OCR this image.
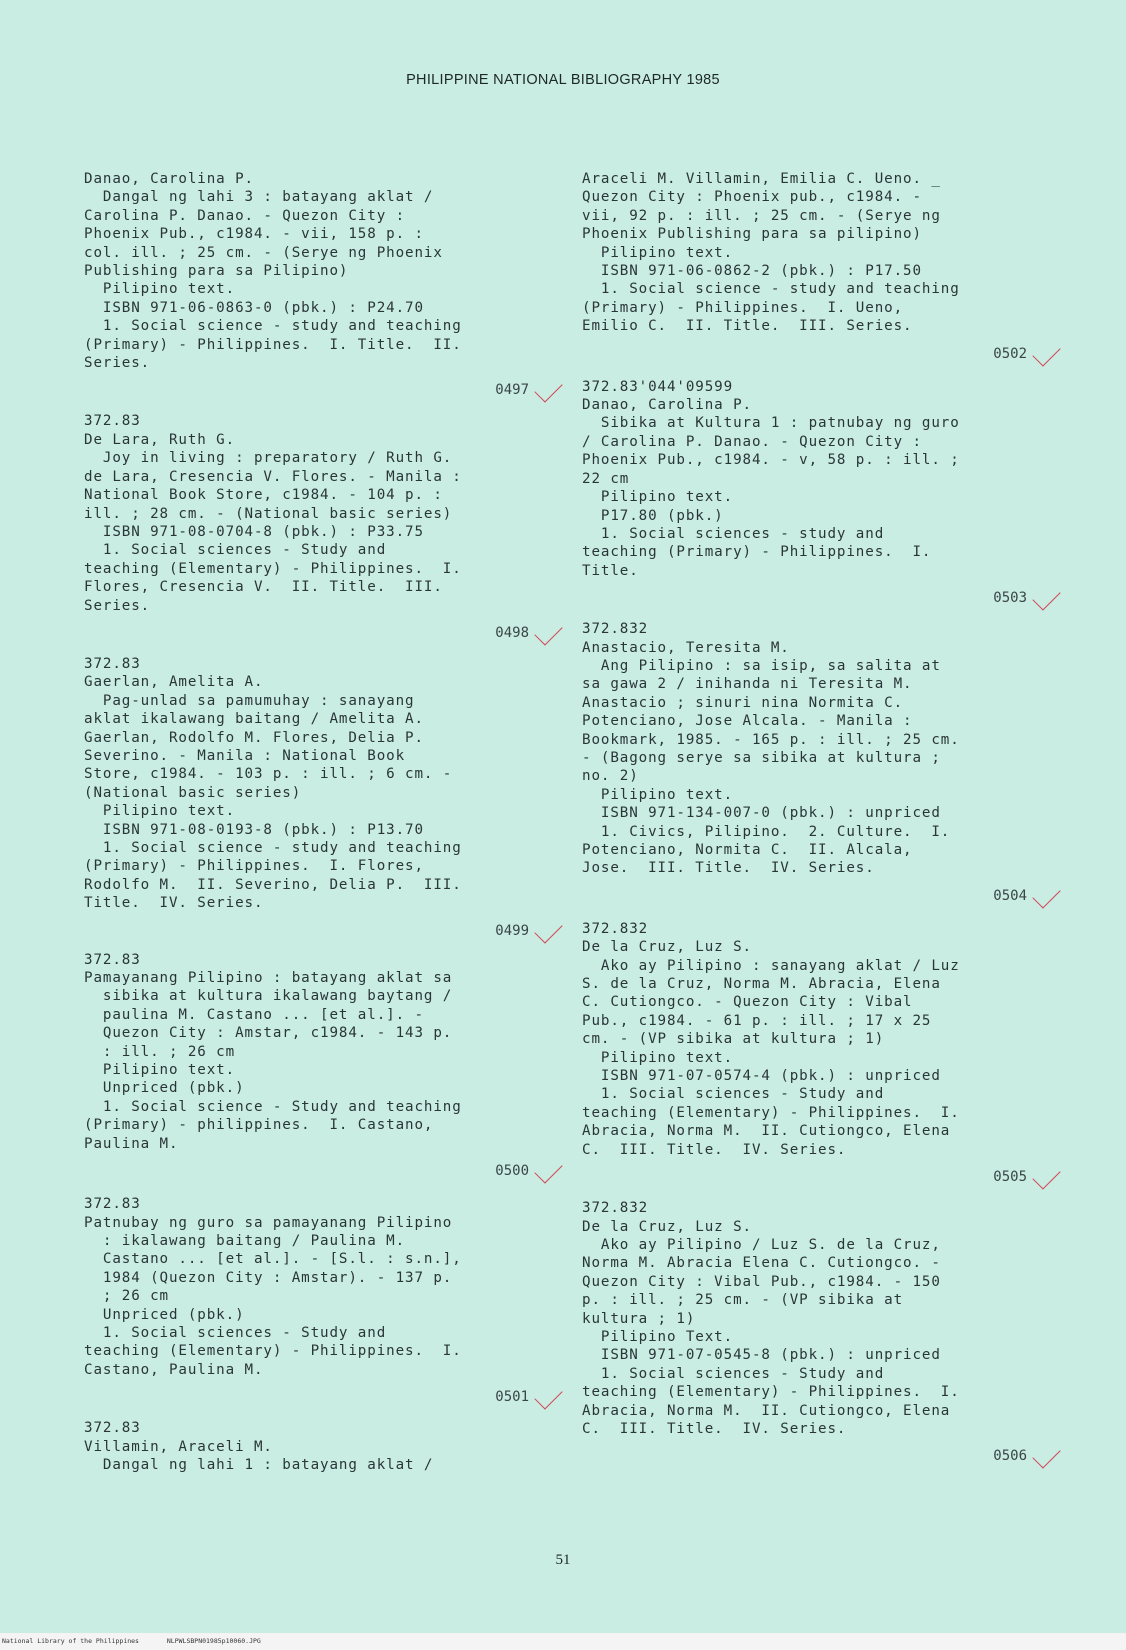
PHILIPPINE NATIONAL BIBLIOGRAPHY 1985
Danao, Carolina P.
Dangal ng lahi 3 : batayang aklat /
Carolina P. Danao. - Quezon City :
Phoenix Pub., c1984. - vii, 158 p. :
col. ill. ; 25 cm. - (Serye ng Phoenix
Publishing para sa Pilipino)
Pilipino text.
ISBN 971-06-0863-0 (pbk.) : P24.70
1. Social science - study and teaching
(Primary) - Philippines.  I. Title.  II.
Series.
0497
372.83
De Lara, Ruth G.
Joy in living : preparatory / Ruth G.
de Lara, Cresencia V. Flores. - Manila :
National Book Store, c1984. - 104 p. :
ill. ; 28 cm. - (National basic series)
ISBN 971-08-0704-8 (pbk.) : P33.75
1. Social sciences - Study and
teaching (Elementary) - Philippines.  I.
Flores, Cresencia V.  II. Title.  III.
Series.
0498
372.83
Gaerlan, Amelita A.
Pag-unlad sa pamumuhay : sanayang
aklat ikalawang baitang / Amelita A.
Gaerlan, Rodolfo M. Flores, Delia P.
Severino. - Manila : National Book
Store, c1984. - 103 p. : ill. ; 6 cm. -
(National basic series)
Pilipino text.
ISBN 971-08-0193-8 (pbk.) : P13.70
1. Social science - study and teaching
(Primary) - Philippines.  I. Flores,
Rodolfo M.  II. Severino, Delia P.  III.
Title.  IV. Series.
0499
372.83
Pamayanang Pilipino : batayang aklat sa
sibika at kultura ikalawang baytang /
paulina M. Castano ... [et al.]. -
Quezon City : Amstar, c1984. - 143 p.
: ill. ; 26 cm
Pilipino text.
Unpriced (pbk.)
1. Social science - Study and teaching
(Primary) - philippines.  I. Castano,
Paulina M.
0500
372.83
Patnubay ng guro sa pamayanang Pilipino
: ikalawang baitang / Paulina M.
Castano ... [et al.]. - [S.l. : s.n.],
1984 (Quezon City : Amstar). - 137 p.
; 26 cm
Unpriced (pbk.)
1. Social sciences - Study and
teaching (Elementary) - Philippines.  I.
Castano, Paulina M.
0501
372.83
Villamin, Araceli M.
Dangal ng lahi 1 : batayang aklat /
Araceli M. Villamin, Emilia C. Ueno. _
Quezon City : Phoenix pub., c1984. -
vii, 92 p. : ill. ; 25 cm. - (Serye ng
Phoenix Publishing para sa pilipino)
Pilipino text.
ISBN 971-06-0862-2 (pbk.) : P17.50
1. Social science - study and teaching
(Primary) - Philippines.  I. Ueno,
Emilio C.  II. Title.  III. Series.
0502
372.83'044'09599
Danao, Carolina P.
Sibika at Kultura 1 : patnubay ng guro
/ Carolina P. Danao. - Quezon City :
Phoenix Pub., c1984. - v, 58 p. : ill. ;
22 cm
Pilipino text.
P17.80 (pbk.)
1. Social sciences - study and
teaching (Primary) - Philippines.  I.
Title.
0503
372.832
Anastacio, Teresita M.
Ang Pilipino : sa isip, sa salita at
sa gawa 2 / inihanda ni Teresita M.
Anastacio ; sinuri nina Normita C.
Potenciano, Jose Alcala. - Manila :
Bookmark, 1985. - 165 p. : ill. ; 25 cm.
- (Bagong serye sa sibika at kultura ;
no. 2)
Pilipino text.
ISBN 971-134-007-0 (pbk.) : unpriced
1. Civics, Pilipino.  2. Culture.  I.
Potenciano, Normita C.  II. Alcala,
Jose.  III. Title.  IV. Series.
0504
372.832
De la Cruz, Luz S.
Ako ay Pilipino : sanayang aklat / Luz
S. de la Cruz, Norma M. Abracia, Elena
C. Cutiongco. - Quezon City : Vibal
Pub., c1984. - 61 p. : ill. ; 17 x 25
cm. - (VP sibika at kultura ; 1)
Pilipino text.
ISBN 971-07-0574-4 (pbk.) : unpriced
1. Social sciences - Study and
teaching (Elementary) - Philippines.  I.
Abracia, Norma M.  II. Cutiongco, Elena
C.  III. Title.  IV. Series.
0505
372.832
De la Cruz, Luz S.
Ako ay Pilipino / Luz S. de la Cruz,
Norma M. Abracia Elena C. Cutiongco. -
Quezon City : Vibal Pub., c1984. - 150
p. : ill. ; 25 cm. - (VP sibika at
kultura ; 1)
Pilipino Text.
ISBN 971-07-0545-8 (pbk.) : unpriced
1. Social sciences - Study and
teaching (Elementary) - Philippines.  I.
Abracia, Norma M.  II. Cutiongco, Elena
C.  III. Title.  IV. Series.
0506
51
National Library of the Philippines	NLPWLSBPN01985p10060.JPG
